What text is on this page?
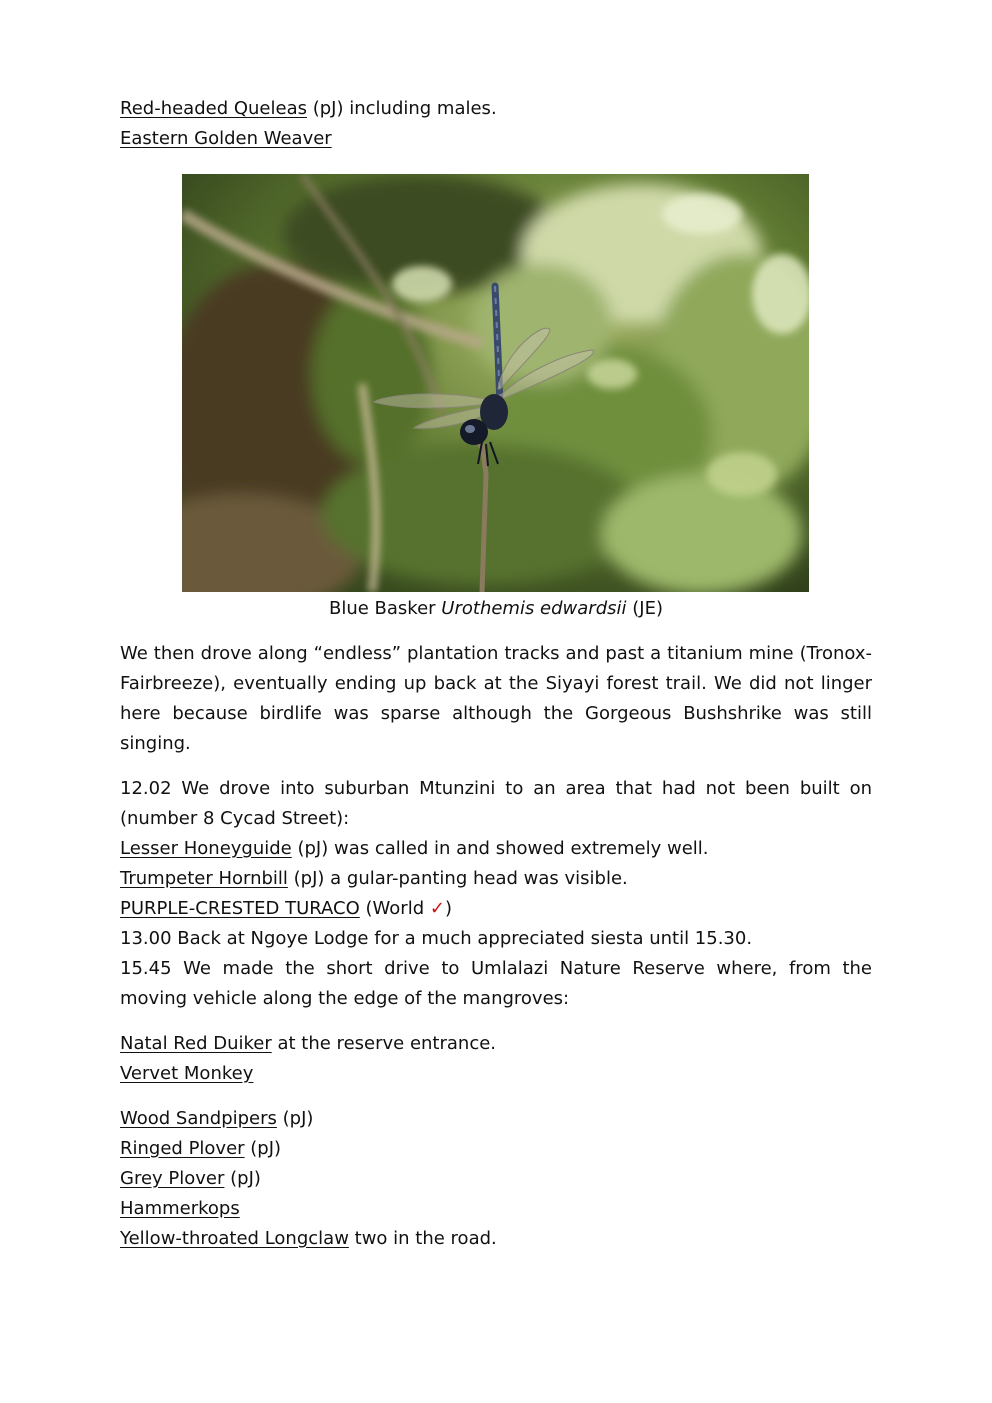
Red-headed Queleas (pJ) including males.
Eastern Golden Weaver
Blue Basker Urothemis edwardsii (JE)

We then drove along “endless” plantation tracks and past a titanium mine (Tronox-Fairbreeze), eventually ending up back at the Siyayi forest trail. We did not linger here because birdlife was sparse although the Gorgeous Bushshrike was still singing.

12.02 We drove into suburban Mtunzini to an area that had not been built on (number 8 Cycad Street):

Lesser Honeyguide (pJ) was called in and showed extremely well.
Trumpeter Hornbill (pJ) a gular-panting head was visible.
PURPLE-CRESTED TURACO (World ✓)

13.00 Back at Ngoye Lodge for a much appreciated siesta until 15.30.

15.45 We made the short drive to Umlalazi Nature Reserve where, from the moving vehicle along the edge of the mangroves:

Natal Red Duiker at the reserve entrance.
Vervet Monkey
Wood Sandpipers (pJ)
Ringed Plover (pJ)
Grey Plover (pJ)
Hammerkops
Yellow-throated Longclaw two in the road.
